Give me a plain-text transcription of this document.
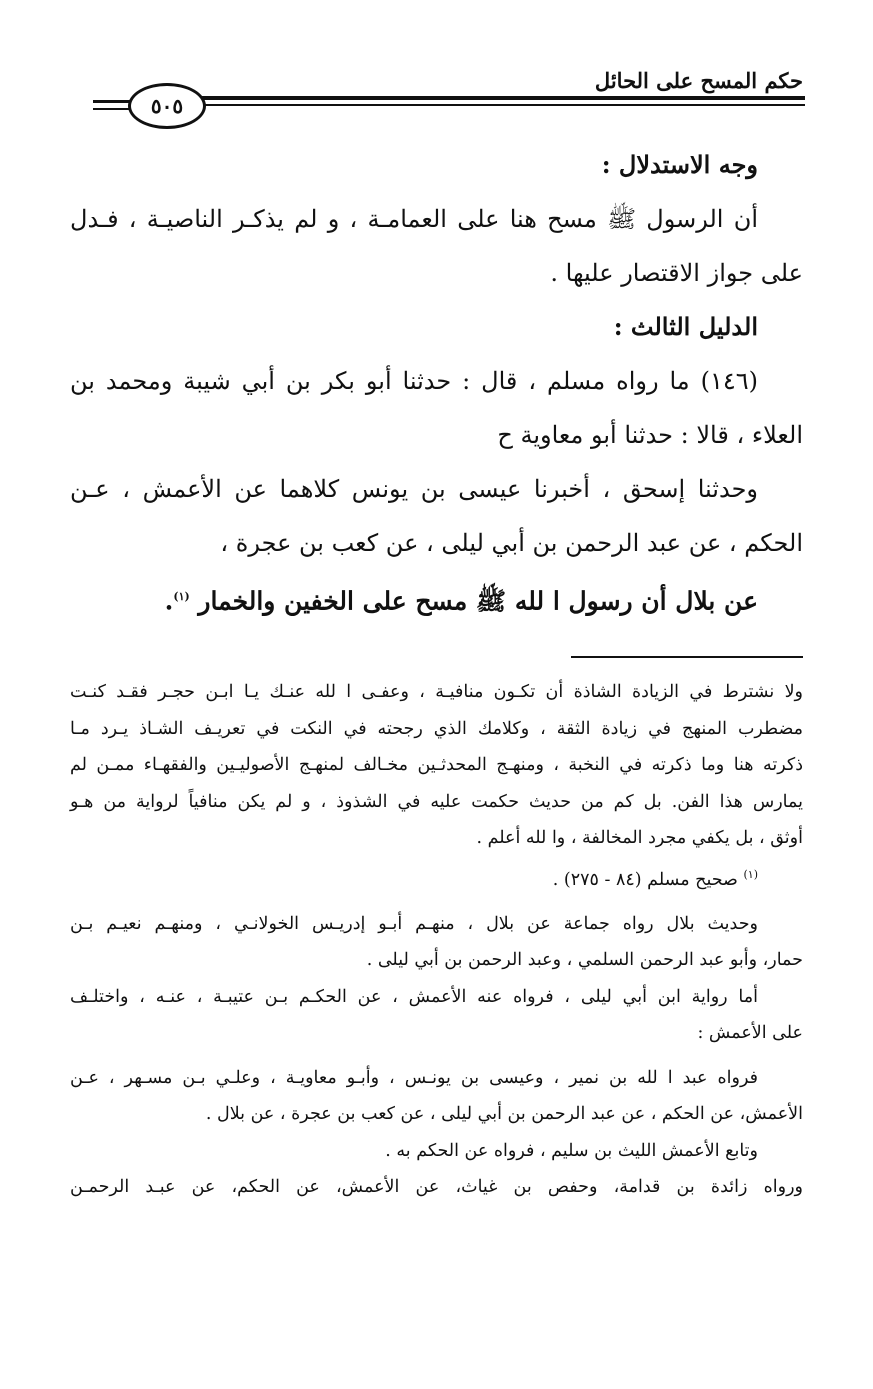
حكم المسح على الحائل
٥٠٥
وجه الاستدلال :
أن الرسول ﷺ مسح هنا على العمامـة ، و لم يذكـر الناصيـة ، فـدل
على جواز الاقتصار عليها .
الدليل الثالث :
(١٤٦) ما رواه مسلم ، قال : حدثنا أبو بكر بن أبي شيبة ومحمد بن
العلاء ، قالا : حدثنا أبو معاوية ح
وحدثنا إسحق ، أخبرنا عيسى بن يونس كلاهما عن الأعمش ، عـن
الحكم ، عن عبد الرحمن بن أبي ليلى ، عن كعب بن عجرة ،
عن بلال أن رسول ا لله ﷺ مسح على الخفين والخمار $^{(١)}$.
ولا نشترط في الزيادة الشاذة أن تكـون منافيـة ، وعفـى ا لله عنـك يـا ابـن حجـر فقـد كنـت
مضطرب المنهج في زيادة الثقة ، وكلامك الذي رجحته في النكت في تعريـف الشـاذ يـرد مـا
ذكرته هنا وما ذكرته في النخبة ، ومنهـج المحدثـين مخـالف لمنهـج الأصوليـين والفقهـاء ممـن لم
يمارس هذا الفن. بل كم من حديث حكمت عليه في الشذوذ ، و لم يكن منافياً لرواية من هـو
أوثق ، بل يكفي مجرد المخالفة ، وا لله أعلم .
$^{(١)}$ صحيح مسلم (٨٤ - ٢٧٥) .
وحديث بلال رواه جماعة عن بلال ، منهـم أبـو إدريـس الخولانـي ، ومنهـم نعيـم بـن
حمار، وأبو عبد الرحمن السلمي ، وعبد الرحمن بن أبي ليلى .
أما رواية ابن أبي ليلى ، فرواه عنه الأعمش ، عن الحكـم بـن عتيبـة ، عنـه ، واختلـف
على الأعمش :
فرواه عبد ا لله بن نمير ، وعيسى بن يونـس ، وأبـو معاويـة ، وعلـي بـن مسـهر ، عـن
الأعمش، عن الحكم ، عن عبد الرحمن بن أبي ليلى ، عن كعب بن عجرة ، عن بلال .
وتابع الأعمش الليث بن سليم ، فرواه عن الحكم به .
ورواه زائدة بن قدامة، وحفص بن غياث، عن الأعمش، عن الحكم، عن عبـد الرحمـن
